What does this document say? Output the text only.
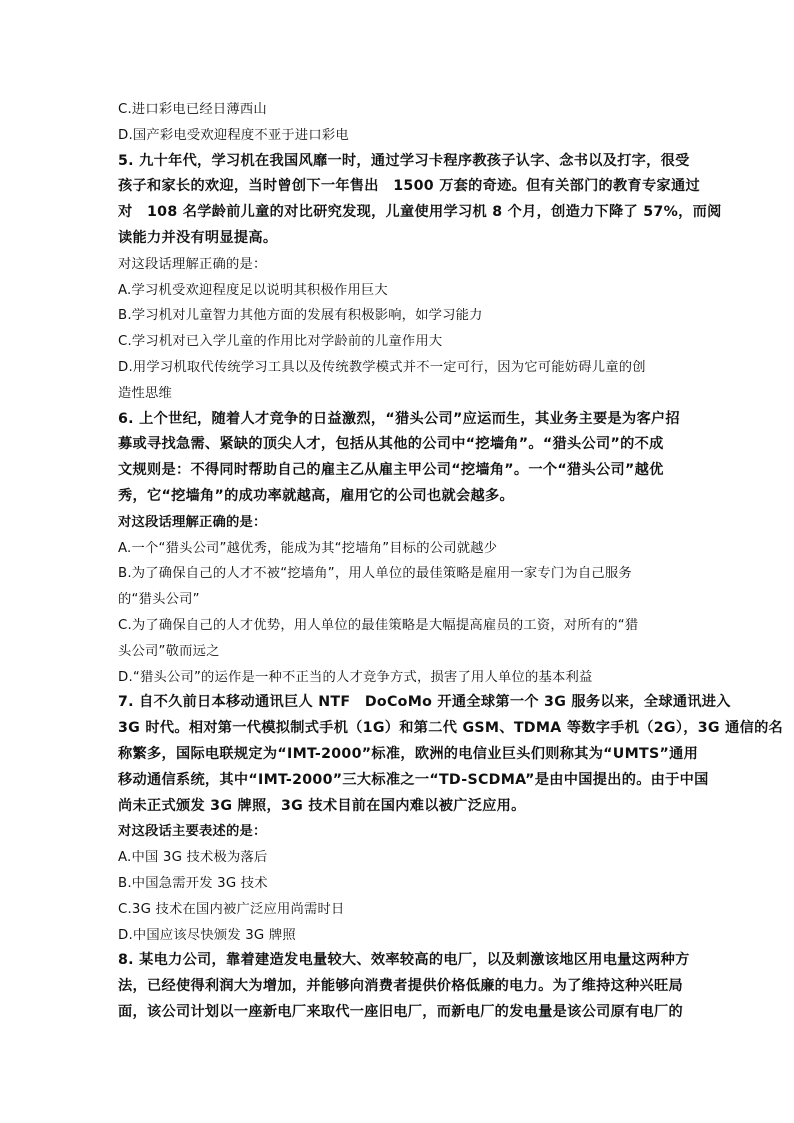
C.进口彩电已经日薄西山
D.国产彩电受欢迎程度不亚于进口彩电
5. 九十年代，学习机在我国风靡一时，通过学习卡程序教孩子认字、念书以及打字，很受
孩子和家长的欢迎，当时曾创下一年售出　1500 万套的奇迹。但有关部门的教育专家通过
对　108 名学龄前儿童的对比研究发现，儿童使用学习机 8 个月，创造力下降了 57%，而阅
读能力并没有明显提高。
对这段话理解正确的是：
A.学习机受欢迎程度足以说明其积极作用巨大
B.学习机对儿童智力其他方面的发展有积极影响，如学习能力
C.学习机对已入学儿童的作用比对学龄前的儿童作用大
D.用学习机取代传统学习工具以及传统教学模式并不一定可行，因为它可能妨碍儿童的创
造性思维
6. 上个世纪，随着人才竞争的日益激烈，“猎头公司”应运而生，其业务主要是为客户招
募或寻找急需、紧缺的顶尖人才，包括从其他的公司中“挖墙角”。“猎头公司”的不成
文规则是：不得同时帮助自己的雇主乙从雇主甲公司“挖墙角”。一个“猎头公司”越优
秀，它“挖墙角”的成功率就越高，雇用它的公司也就会越多。
对这段话理解正确的是：
A.一个“猎头公司”越优秀，能成为其“挖墙角”目标的公司就越少
B.为了确保自己的人才不被“挖墙角”，用人单位的最佳策略是雇用一家专门为自己服务
的“猎头公司”
C.为了确保自己的人才优势，用人单位的最佳策略是大幅提高雇员的工资，对所有的“猎
头公司”敬而远之
D.“猎头公司”的运作是一种不正当的人才竞争方式，损害了用人单位的基本利益
7. 自不久前日本移动通讯巨人 NTF　DoCoMo 开通全球第一个 3G 服务以来，全球通讯进入
3G 时代。相对第一代模拟制式手机（1G）和第二代 GSM、TDMA 等数字手机（2G），3G 通信的名
称繁多，国际电联规定为“IMT-2000”标准，欧洲的电信业巨头们则称其为“UMTS”通用
移动通信系统，其中“IMT-2000”三大标准之一“TD-SCDMA”是由中国提出的。由于中国
尚未正式颁发 3G 牌照，3G 技术目前在国内难以被广泛应用。
对这段话主要表述的是：
A.中国 3G 技术极为落后
B.中国急需开发 3G 技术
C.3G 技术在国内被广泛应用尚需时日
D.中国应该尽快颁发 3G 牌照
8. 某电力公司，靠着建造发电量较大、效率较高的电厂，以及刺激该地区用电量这两种方
法，已经使得利润大为增加，并能够向消费者提供价格低廉的电力。为了维持这种兴旺局
面，该公司计划以一座新电厂来取代一座旧电厂，而新电厂的发电量是该公司原有电厂的
